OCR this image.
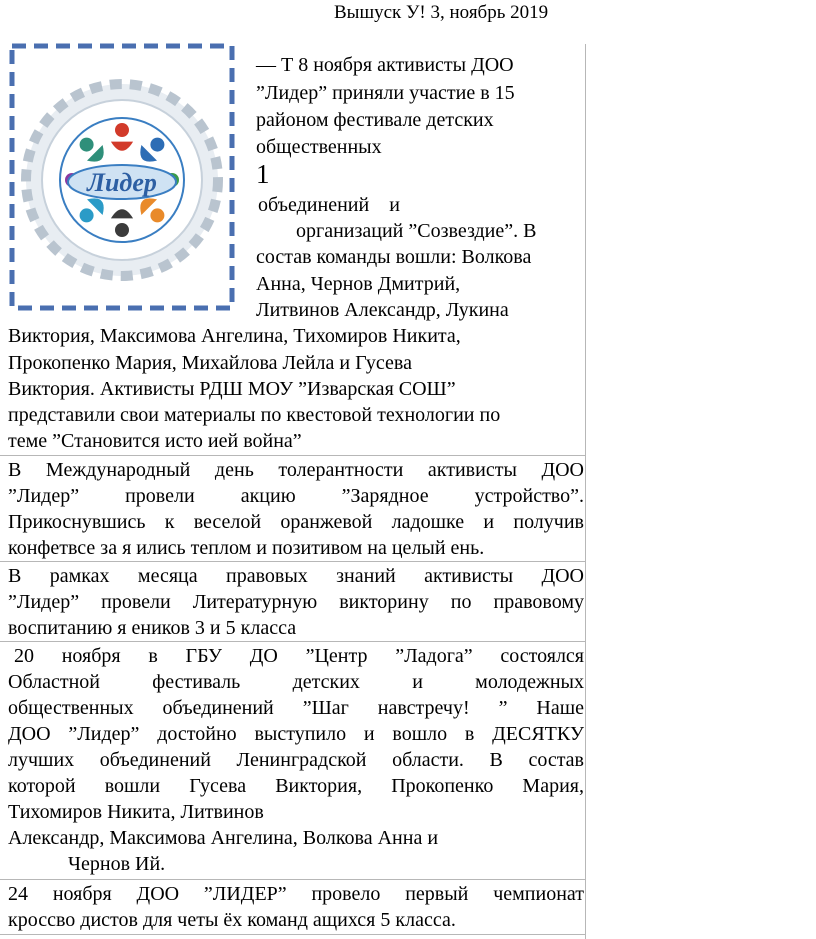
Вышуск У! 3, ноябрь 2019
Лидер
— Т 8 ноября активисты ДОО
”Лидер” приняли участие в 15
районом фестивале детских
общественных
1
объединений    и
организаций ”Созвездие”. В
состав команды вошли: Волкова
Анна, Чернов Дмитрий,
Литвинов Александр, Лукина
Виктория, Максимова Ангелина, Тихомиров Никита,
Прокопенко Мария, Михайлова Лейла и Гусева
Виктория. Активисты РДШ МОУ ”Изварская СОШ”
представили свои материалы по квестовой технологии по
теме ”Становится исто ией война”
В Международный день толерантности активисты ДОО
”Лидер” провели акцию ”Зарядное устройство”.
Прикоснувшись к веселой оранжевой ладошке и получив
конфетвсе за я ились теплом и позитивом на целый ень.
В рамках месяца правовых знаний активисты ДОО
”Лидер” провели Литературную викторину по правовому
воспитанию я еников 3 и 5 класса
20 ноября в ГБУ ДО ”Центр ”Ладога” состоялся
Областной фестиваль детских и молодежных
общественных объединений ”Шаг навстречу! ” Наше
ДОО ”Лидер” достойно выступило и вошло в ДЕСЯТКУ
лучших объединений Ленинградской области. В состав
которой вошли Гусева Виктория, Прокопенко Мария,
Тихомиров Никита, Литвинов
Александр, Максимова Ангелина, Волкова Анна и
Чернов Ий.
24 ноября ДОО ”ЛИДЕР” провело первый чемпионат
кроссво дистов для четы ёх команд ащихся 5 класса.
